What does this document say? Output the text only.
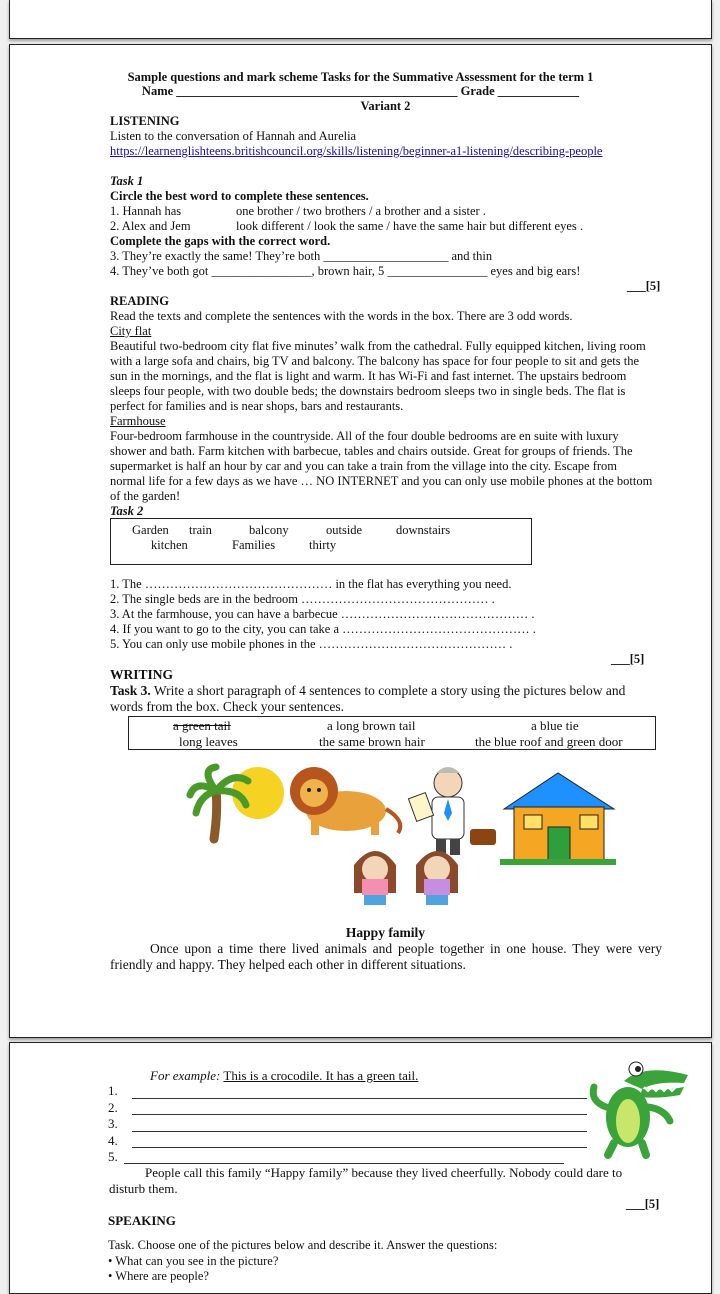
Sample questions and mark scheme Tasks for the Summative Assessment for the term 1
Name _____________________________________________ Grade _____________
Variant 2
LISTENING
Listen to the conversation of Hannah and Aurelia
https://learnenglishteens.britishcouncil.org/skills/listening/beginner-a1-listening/describing-people
Task 1
Circle the best word to complete these sentences.
1. Hannah has	one brother / two brothers / a brother and a sister .
2. Alex and Jem	look different / look the same / have the same hair but different eyes .
Complete the gaps with the correct word.
3. They’re exactly the same! They’re both ____________________ and thin
4. They’ve both got ________________, brown hair, 5 ________________ eyes and big ears!
___[5]
READING
Read the texts and complete the sentences with the words in the box. There are 3 odd words.
City flat
Beautiful two-bedroom city flat five minutes’ walk from the cathedral. Fully equipped kitchen, living room with a large sofa and chairs, big TV and balcony. The balcony has space for four people to sit and gets the sun in the mornings, and the flat is light and warm. It has Wi-Fi and fast internet. The upstairs bedroom sleeps four people, with two double beds; the downstairs bedroom sleeps two in single beds. The flat is perfect for families and is near shops, bars and restaurants.
Farmhouse
Four-bedroom farmhouse in the countryside. All of the four double bedrooms are en suite with luxury shower and bath. Farm kitchen with barbecue, tables and chairs outside. Great for groups of friends. The supermarket is half an hour by car and you can take a train from the village into the city. Escape from normal life for a few days as we have … NO INTERNET and you can only use mobile phones at the bottom of the garden!
Task 2
Garden train	balcony	outside	downstairs
kitchen	Families	thirty
1. The ……………………………………… in the flat has everything you need.
2. The single beds are in the bedroom ……………………………………… .
3. At the farmhouse, you can have a barbecue ……………………………………… .
4. If you want to go to the city, you can take a ……………………………………… .
5. You can only use mobile phones in the ……………………………………… .
___[5]
WRITING
Task 3. Write a short paragraph of 4 sentences to complete a story using the pictures below and words from the box. Check your sentences.
a green tail	a long brown tail	a blue tie
long leaves	the same brown hair	the blue roof and green door
Happy family
Once upon a time there lived animals and people together in one house. They were very friendly and happy. They helped each other in different situations.
For example: This is a crocodile. It has a green tail.
1.
2.
3.
4.
5.
People call this family “Happy family” because they lived cheerfully. Nobody could dare to disturb them.
___[5]
SPEAKING
Task. Choose one of the pictures below and describe it. Answer the questions:
• What can you see in the picture?
• Where are people?
